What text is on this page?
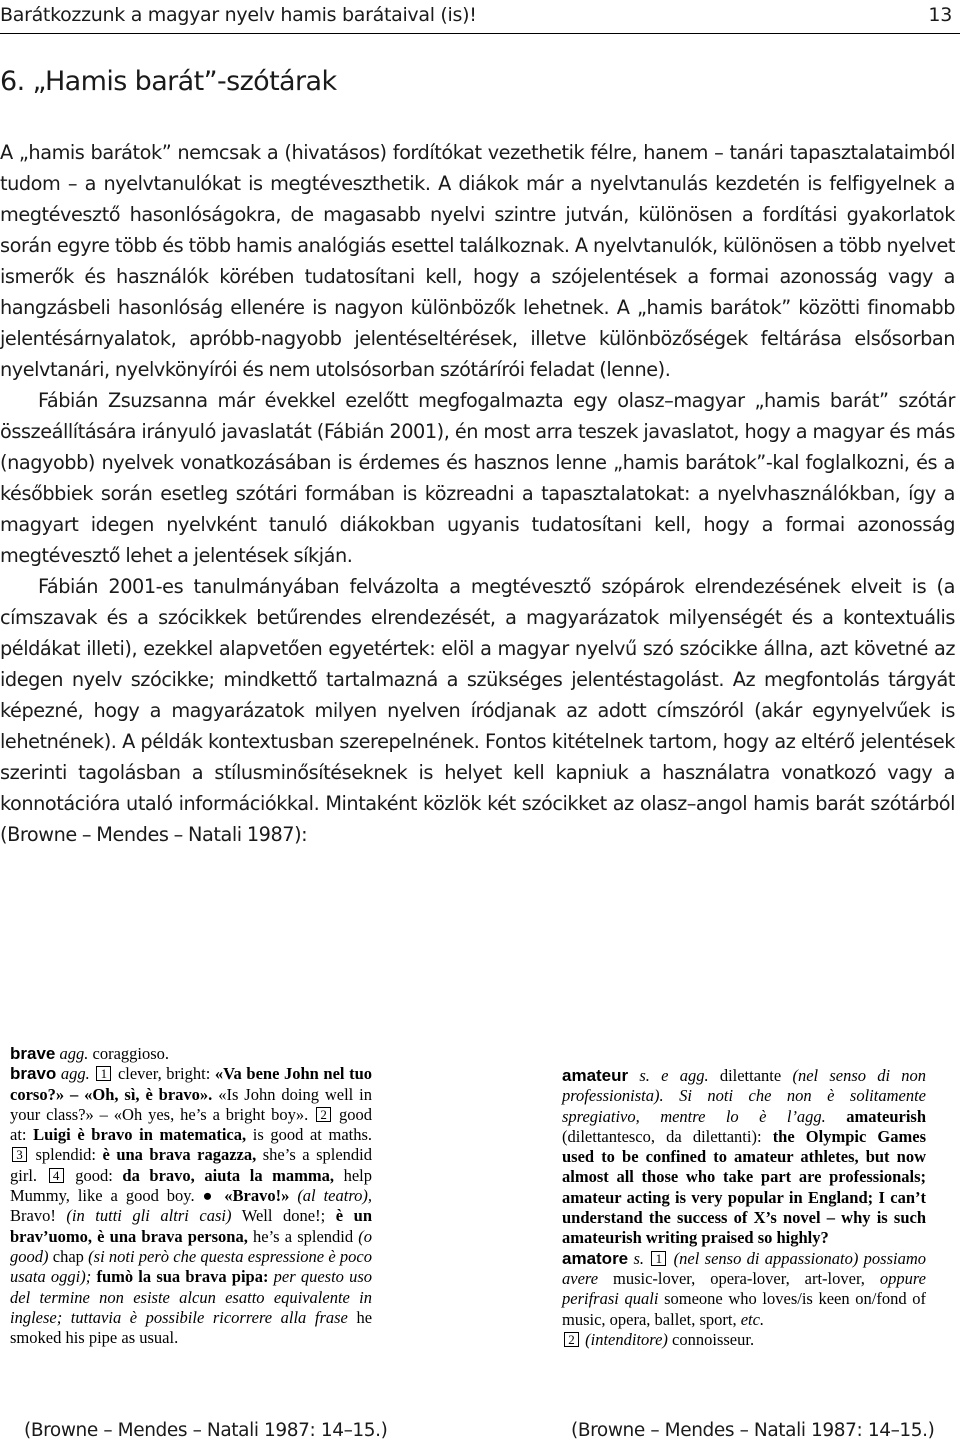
Barátkozzunk a magyar nyelv hamis barátaival (is)!	13
6. „Hamis barát”-szótárak

A „hamis barátok” nemcsak a (hivatásos) fordítókat vezethetik félre, hanem – tanári tapasztalataimból tudom – a nyelvtanulókat is megtéveszthetik. A diákok már a nyelvtanulás kezdetén is felfigyelnek a megtévesztő hasonlóságokra, de magasabb nyelvi szintre jutván, különösen a fordítási gyakorlatok során egyre több és több hamis analógiás esettel találkoznak. A nyelvtanulók, különösen a több nyelvet ismerők és használók körében tudatosítani kell, hogy a szójelentések a formai azonosság vagy a hangzásbeli hasonlóság ellenére is nagyon különbözők lehetnek. A „hamis barátok” közötti finomabb jelentésárnyalatok, apróbb-nagyobb jelentéseltérések, illetve különbözőségek feltárása elsősorban nyelvtanári, nyelvkönyírói és nem utolsósorban szótárírói feladat (lenne).

Fábián Zsuzsanna már évekkel ezelőtt megfogalmazta egy olasz–magyar „hamis barát” szótár összeállítására irányuló javaslatát (Fábián 2001), én most arra teszek javaslatot, hogy a magyar és más (nagyobb) nyelvek vonatkozásában is érdemes és hasznos lenne „hamis barátok”-kal foglalkozni, és a későbbiek során esetleg szótári formában is közreadni a tapasztalatokat: a nyelvhasználókban, így a magyart idegen nyelvként tanuló diákokban ugyanis tudatosítani kell, hogy a formai azonosság megtévesztő lehet a jelentések síkján.

Fábián 2001-es tanulmányában felvázolta a megtévesztő szópárok elrendezésének elveit is (a címszavak és a szócikkek betűrendes elrendezését, a magyarázatok milyenségét és a kontextuális példákat illeti), ezekkel alapvetően egyetértek: elöl a magyar nyelvű szó szócikke állna, azt követné az idegen nyelv szócikke; mindkettő tartalmazná a szükséges jelentéstagolást. Az megfontolás tárgyát képezné, hogy a magyarázatok milyen nyelven íródjanak az adott címszóról (akár egynyelvűek is lehetnének). A példák kontextusban szerepelnének. Fontos kitételnek tartom, hogy az eltérő jelentések szerinti tagolásban a stílusminősítéseknek is helyet kell kapniuk a használatra vonatkozó vagy a konnotációra utaló információkkal. Mintaként közlök két szócikket az olasz–angol hamis barát szótárból (Browne – Mendes – Natali 1987):

brave agg. coraggioso.

bravo agg. 1 clever, bright: «Va bene John nel tuo corso?» – «Oh, sì, è bravo». «Is John doing well in your class?» – «Oh yes, he’s a bright boy». 2 good at: Luigi è bravo in matematica, is good at maths. 3 splendid: è una brava ragazza, she’s a splendid girl. 4 good: da bravo, aiuta la mamma, help Mummy, like a good boy. ● «Bravo!» (al teatro), Bravo! (in tutti gli altri casi) Well done!; è un brav’uomo, è una brava persona, he’s a splendid (o good) chap (si noti però che questa espressione è poco usata oggi); fumò la sua brava pipa: per questo uso del termine non esiste alcun esatto equivalente in inglese; tuttavia è possibile ricorrere alla frase he smoked his pipe as usual.

amateur s. e agg. dilettante (nel senso di non professionista). Si noti che non è solitamente spregiativo, mentre lo è l’agg. amateurish (dilettantesco, da dilettanti): the Olympic Games used to be confined to amateur athletes, but now almost all those who take part are professionals; amateur acting is very popular in England; I can’t understand the success of X’s novel – why is such amateurish writing praised so highly?

amatore s. 1 (nel senso di appassionato) possiamo avere music-lover, opera-lover, art-lover, oppure perifrasi quali someone who loves/is keen on/fond of music, opera, ballet, sport, etc.
2 (intenditore) connoisseur.

(Browne – Mendes – Natali 1987: 14–15.)	(Browne – Mendes – Natali 1987: 14–15.)
